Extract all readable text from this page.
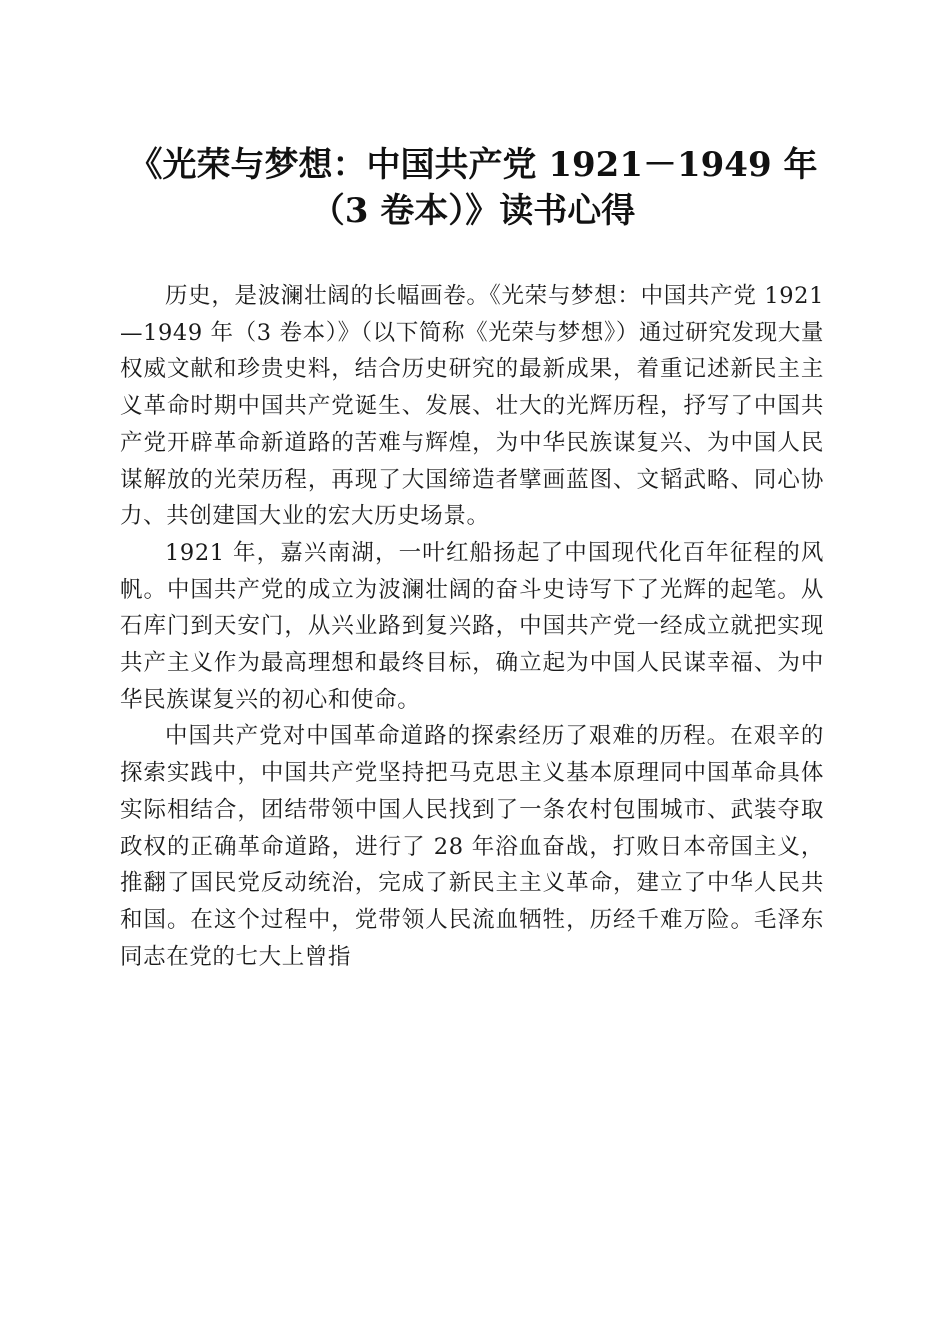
《光荣与梦想：中国共产党 1921－1949 年（3 卷本）》读书心得

历史，是波澜壮阔的长幅画卷。《光荣与梦想：中国共产党 1921—1949 年（3 卷本）》（以下简称《光荣与梦想》）通过研究发现大量权威文献和珍贵史料，结合历史研究的最新成果，着重记述新民主主义革命时期中国共产党诞生、发展、壮大的光辉历程，抒写了中国共产党开辟革命新道路的苦难与辉煌，为中华民族谋复兴、为中国人民谋解放的光荣历程，再现了大国缔造者擘画蓝图、文韬武略、同心协力、共创建国大业的宏大历史场景。

1921 年，嘉兴南湖，一叶红船扬起了中国现代化百年征程的风帆。中国共产党的成立为波澜壮阔的奋斗史诗写下了光辉的起笔。从石库门到天安门，从兴业路到复兴路，中国共产党一经成立就把实现共产主义作为最高理想和最终目标，确立起为中国人民谋幸福、为中华民族谋复兴的初心和使命。

中国共产党对中国革命道路的探索经历了艰难的历程。在艰辛的探索实践中，中国共产党坚持把马克思主义基本原理同中国革命具体实际相结合，团结带领中国人民找到了一条农村包围城市、武装夺取政权的正确革命道路，进行了 28 年浴血奋战，打败日本帝国主义，推翻了国民党反动统治，完成了新民主主义革命，建立了中华人民共和国。在这个过程中，党带领人民流血牺牲，历经千难万险。毛泽东同志在党的七大上曾指
